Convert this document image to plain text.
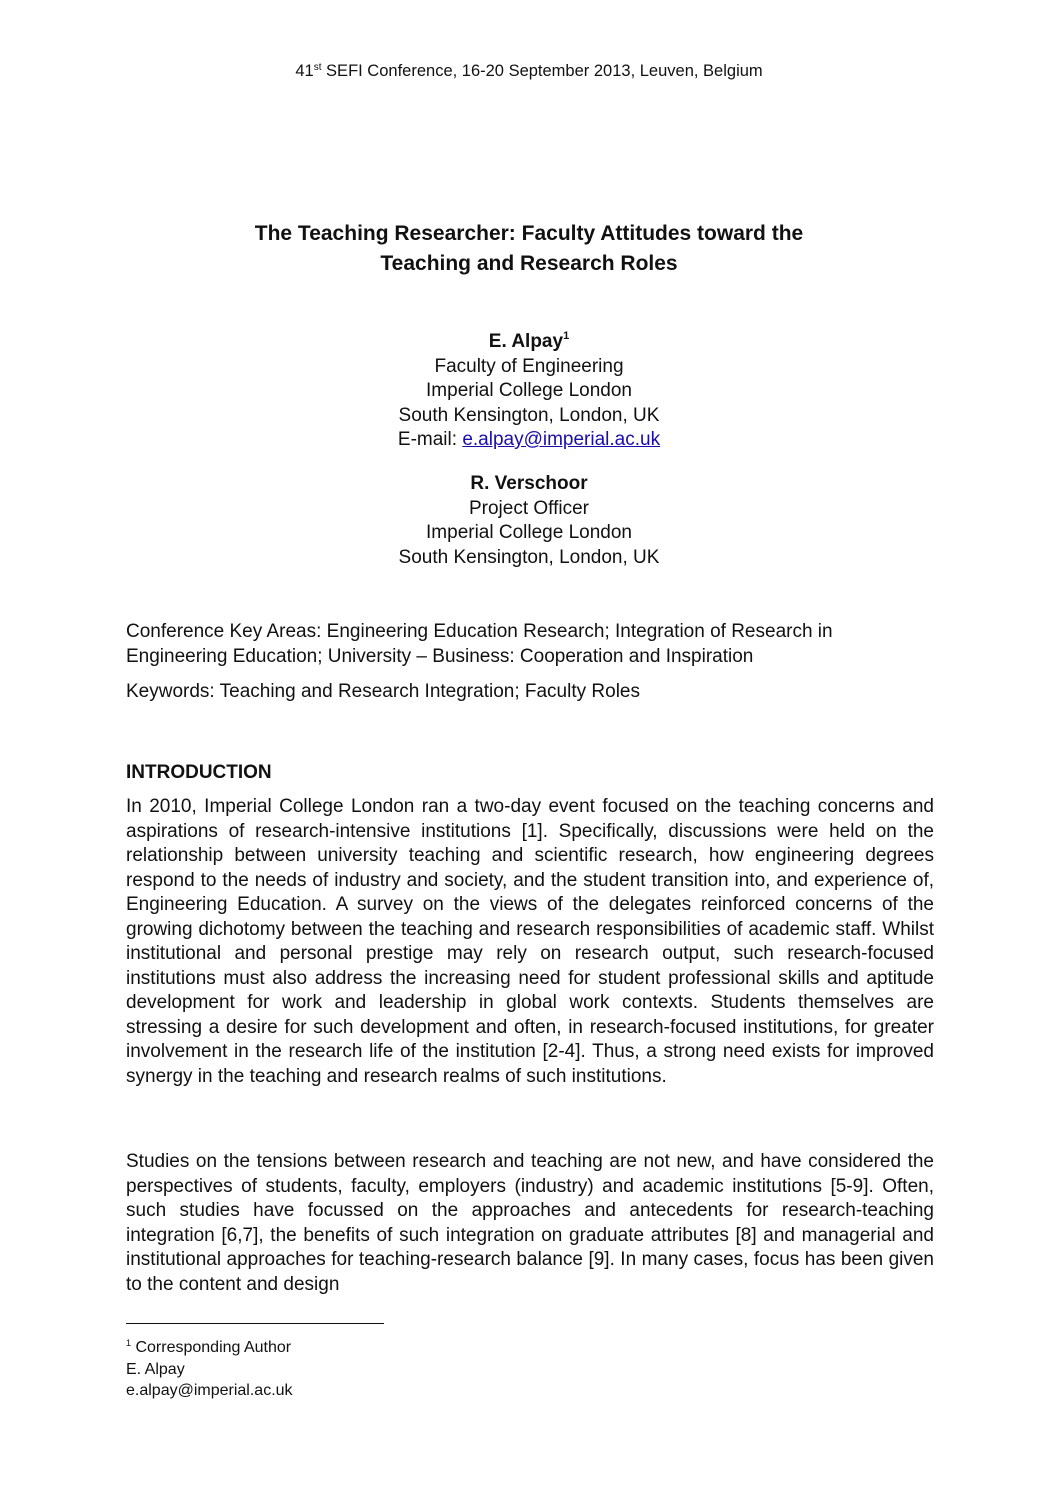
41st SEFI Conference, 16-20 September 2013, Leuven, Belgium
The Teaching Researcher: Faculty Attitudes toward the
Teaching and Research Roles
E. Alpay$^1$
Faculty of Engineering
Imperial College London
South Kensington, London, UK
E-mail: e.alpay@imperial.ac.uk
R. Verschoor
Project Officer
Imperial College London
South Kensington, London, UK
Conference Key Areas: Engineering Education Research; Integration of Research in Engineering Education; University – Business: Cooperation and Inspiration
Keywords: Teaching and Research Integration; Faculty Roles
INTRODUCTION

In 2010, Imperial College London ran a two-day event focused on the teaching concerns and aspirations of research-intensive institutions [1]. Specifically, discussions were held on the relationship between university teaching and scientific research, how engineering degrees respond to the needs of industry and society, and the student transition into, and experience of, Engineering Education. A survey on the views of the delegates reinforced concerns of the growing dichotomy between the teaching and research responsibilities of academic staff. Whilst institutional and personal prestige may rely on research output, such research-focused institutions must also address the increasing need for student professional skills and aptitude development for work and leadership in global work contexts. Students themselves are stressing a desire for such development and often, in research-focused institutions, for greater involvement in the research life of the institution [2-4]. Thus, a strong need exists for improved synergy in the teaching and research realms of such institutions.

Studies on the tensions between research and teaching are not new, and have considered the perspectives of students, faculty, employers (industry) and academic institutions [5-9]. Often, such studies have focussed on the approaches and antecedents for research-teaching integration [6,7], the benefits of such integration on graduate attributes [8] and managerial and institutional approaches for teaching-research balance [9]. In many cases, focus has been given to the content and design

$^1$ Corresponding Author
E. Alpay
e.alpay@imperial.ac.uk
